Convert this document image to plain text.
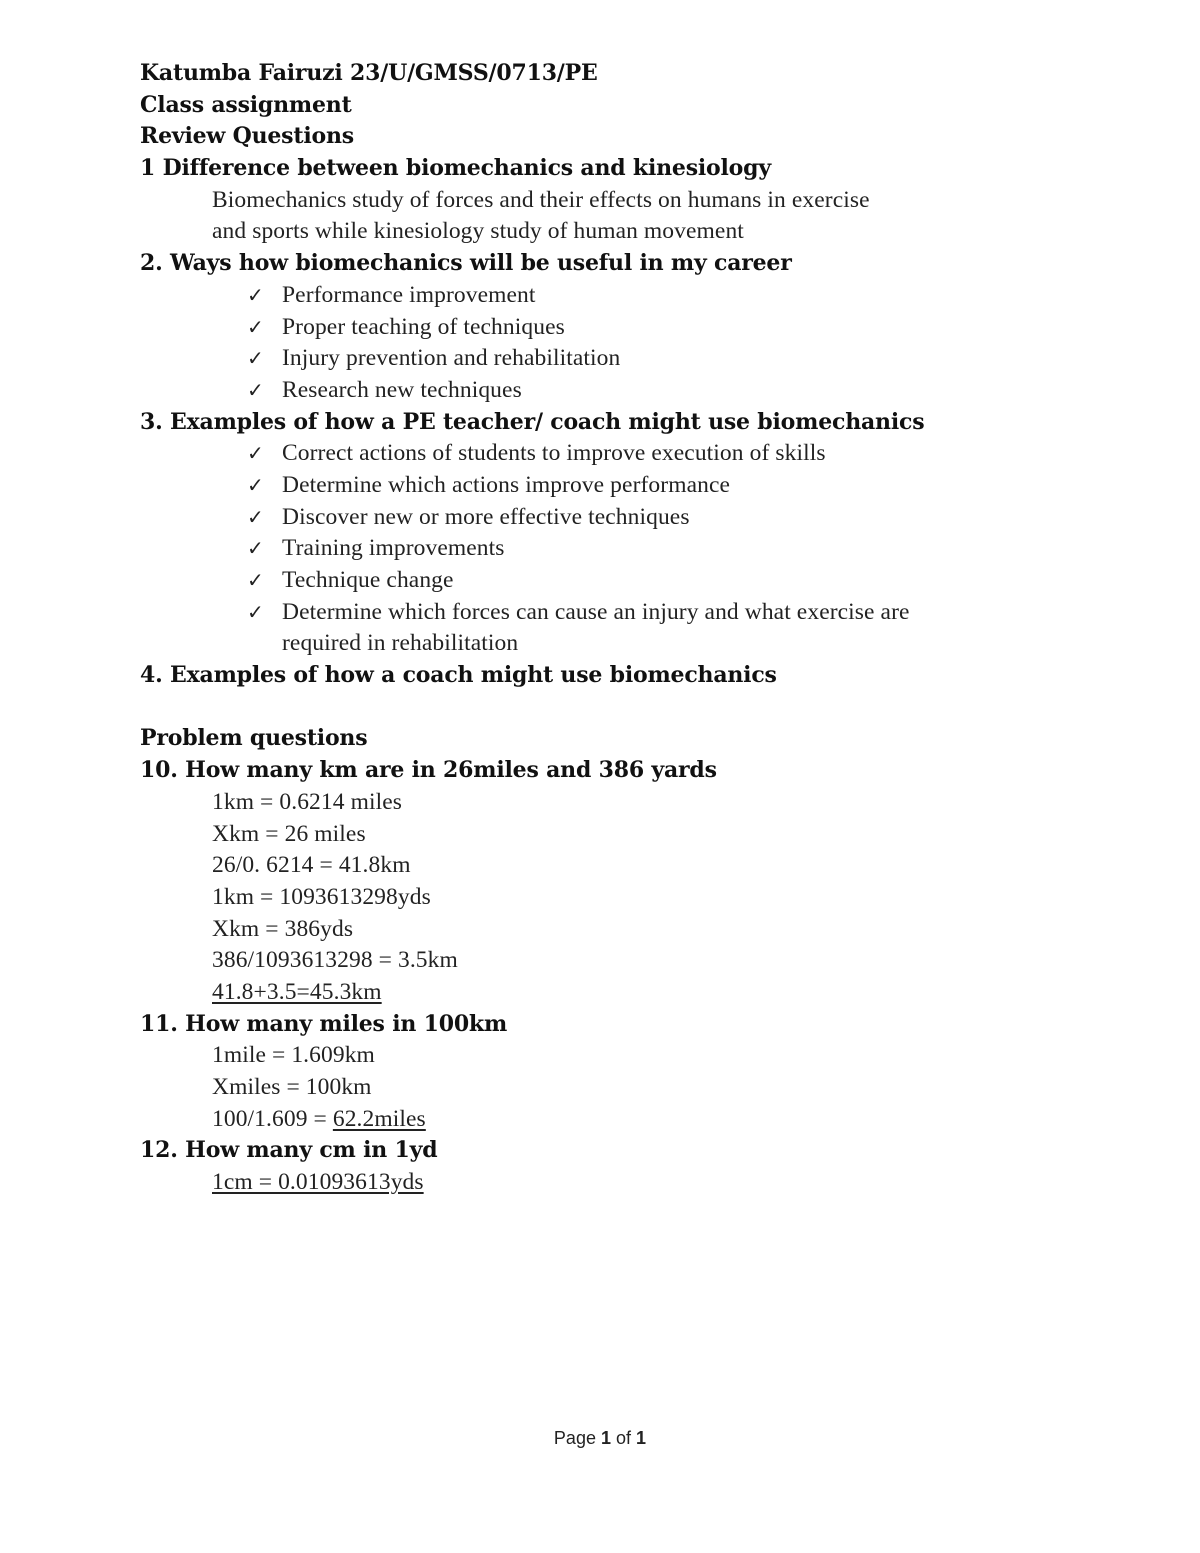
Katumba Fairuzi 23/U/GMSS/0713/PE
Class assignment
Review Questions
1 Difference between biomechanics and kinesiology
Biomechanics study of forces and their effects on humans in exercise
and sports while kinesiology study of human movement
2. Ways how biomechanics will be useful in my career
✓ Performance improvement
✓ Proper teaching of techniques
✓ Injury prevention and rehabilitation
✓ Research new techniques
3. Examples of how a PE teacher/ coach might use biomechanics
✓ Correct actions of students to improve execution of skills
✓ Determine which actions improve performance
✓ Discover new or more effective techniques
✓ Training improvements
✓ Technique change
✓ Determine which forces can cause an injury and what exercise are
required in rehabilitation
4. Examples of how a coach might use biomechanics
Problem questions
10. How many km are in 26miles and 386 yards
1km = 0.6214 miles
Xkm = 26 miles
26/0. 6214 = 41.8km
1km = 1093613298yds
Xkm = 386yds
386/1093613298 = 3.5km
41.8+3.5=45.3km
11. How many miles in 100km
1mile = 1.609km
Xmiles = 100km
100/1.609 = 62.2miles
12. How many cm in 1yd
1cm = 0.01093613yds
Page 1 of 1
